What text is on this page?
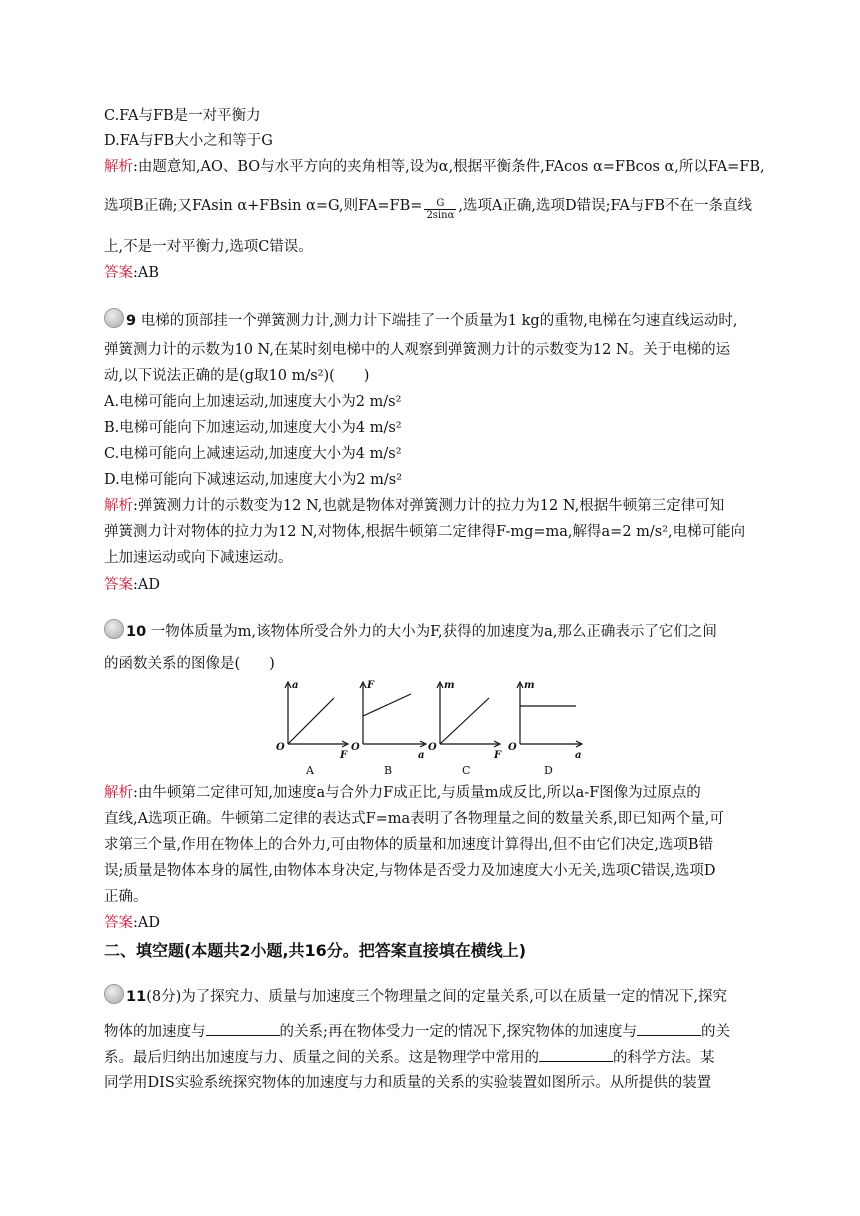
C.FA与FB是一对平衡力
D.FA与FB大小之和等于G
解析:由题意知,AO、BO与水平方向的夹角相等,设为α,根据平衡条件,FAcos α=FBcos α,所以FA=FB,
选项B正确;又FAsin α+FBsin α=G,则$FA=FB= \frac{G}{2\sin\alpha}$ ,选项A正确,选项D错误;FA与FB不在一条直线
上,不是一对平衡力,选项C错误。
答案:AB
9 电梯的顶部挂一个弹簧测力计,测力计下端挂了一个质量为1 kg的重物,电梯在匀速直线运动时,
弹簧测力计的示数为10 N,在某时刻电梯中的人观察到弹簧测力计的示数变为12 N。关于电梯的运
动,以下说法正确的是(g取10 m/s²)(　　)
A.电梯可能向上加速运动,加速度大小为2 m/s²
B.电梯可能向下加速运动,加速度大小为4 m/s²
C.电梯可能向上减速运动,加速度大小为4 m/s²
D.电梯可能向下减速运动,加速度大小为2 m/s²
解析:弹簧测力计的示数变为12 N,也就是物体对弹簧测力计的拉力为12 N,根据牛顿第三定律可知
弹簧测力计对物体的拉力为12 N,对物体,根据牛顿第二定律得F-mg=ma,解得a=2 m/s²,电梯可能向
上加速运动或向下减速运动。
答案:AD
10 一物体质量为m,该物体所受合外力的大小为F,获得的加速度为a,那么正确表示了它们之间
的函数关系的图像是(　　)
a
F
O
F
a
O
m
F
O
m
a
O
A	B	C	D
解析:由牛顿第二定律可知,加速度a与合外力F成正比,与质量m成反比,所以a-F图像为过原点的
直线,A选项正确。牛顿第二定律的表达式F=ma表明了各物理量之间的数量关系,即已知两个量,可
求第三个量,作用在物体上的合外力,可由物体的质量和加速度计算得出,但不由它们决定,选项B错
误;质量是物体本身的属性,由物体本身决定,与物体是否受力及加速度大小无关,选项C错误,选项D
正确。
答案:AD
二、填空题(本题共2小题,共16分。把答案直接填在横线上)
11(8分)为了探究力、质量与加速度三个物理量之间的定量关系,可以在质量一定的情况下,探究
物体的加速度与	的关系;再在物体受力一定的情况下,探究物体的加速度与	的关
系。最后归纳出加速度与力、质量之间的关系。这是物理学中常用的	的科学方法。某
同学用DIS实验系统探究物体的加速度与力和质量的关系的实验装置如图所示。从所提供的装置
